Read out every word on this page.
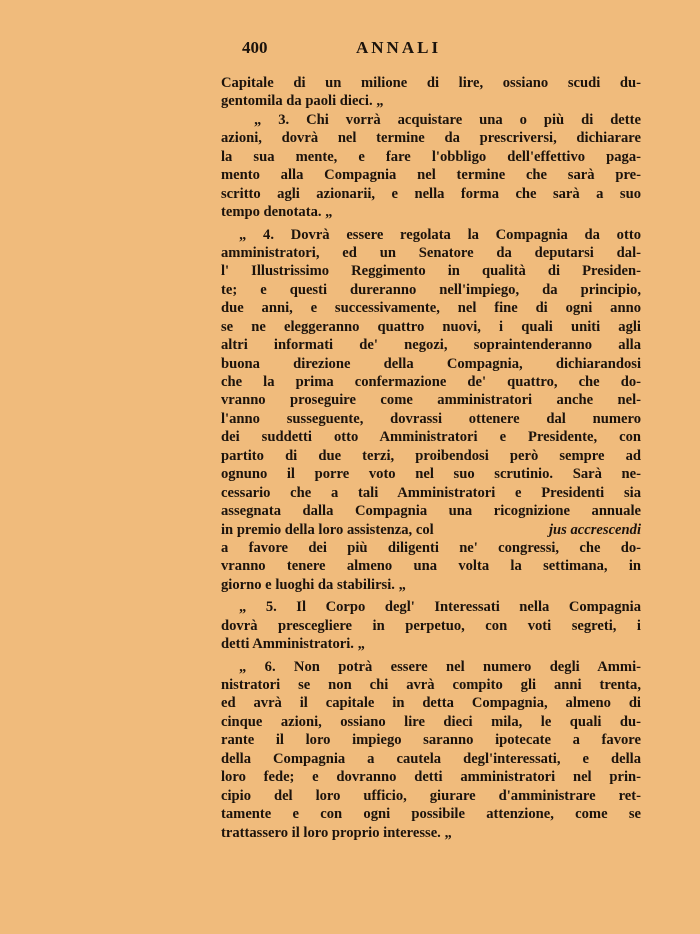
400	ANNALI
Capitale di un milione di lire, ossiano scudi du-
gentomila da paoli dieci. „
„ 3. Chi vorrà acquistare una o più di dette
azioni, dovrà nel termine da prescriversi, dichiarare
la sua mente, e fare l'obbligo dell'effettivo paga-
mento alla Compagnia nel termine che sarà pre-
scritto agli azionarii, e nella forma che sarà a suo
tempo denotata. „
„ 4. Dovrà essere regolata la Compagnia da otto
amministratori, ed un Senatore da deputarsi dal-
l' Illustrissimo Reggimento in qualità di Presiden-
te; e questi dureranno nell'impiego, da principio,
due anni, e successivamente, nel fine di ogni anno
se ne eleggeranno quattro nuovi, i quali uniti agli
altri informati de' negozi, sopraintenderanno alla
buona direzione della Compagnia, dichiarandosi
che la prima confermazione de' quattro, che do-
vranno proseguire come amministratori anche nel-
l'anno susseguente, dovrassi ottenere dal numero
dei suddetti otto Amministratori e Presidente, con
partito di due terzi, proibendosi però sempre ad
ognuno il porre voto nel suo scrutinio. Sarà ne-
cessario che a tali Amministratori e Presidenti sia
assegnata dalla Compagnia una ricognizione annuale
in premio della loro assistenza, col	jus accrescendi
a favore dei più diligenti ne' congressi, che do-
vranno tenere almeno una volta la settimana, in
giorno e luoghi da stabilirsi. „
„ 5. Il Corpo degl' Interessati nella Compagnia
dovrà prescegliere in perpetuo, con voti segreti, i
detti Amministratori. „
„ 6. Non potrà essere nel numero degli Ammi-
nistratori se non chi avrà compito gli anni trenta,
ed avrà il capitale in detta Compagnia, almeno di
cinque azioni, ossiano lire dieci mila, le quali du-
rante il loro impiego saranno ipotecate a favore
della Compagnia a cautela degl'interessati, e della
loro fede; e dovranno detti amministratori nel prin-
cipio del loro ufficio, giurare d'amministrare ret-
tamente e con ogni possibile attenzione, come se
trattassero il loro proprio interesse. „
